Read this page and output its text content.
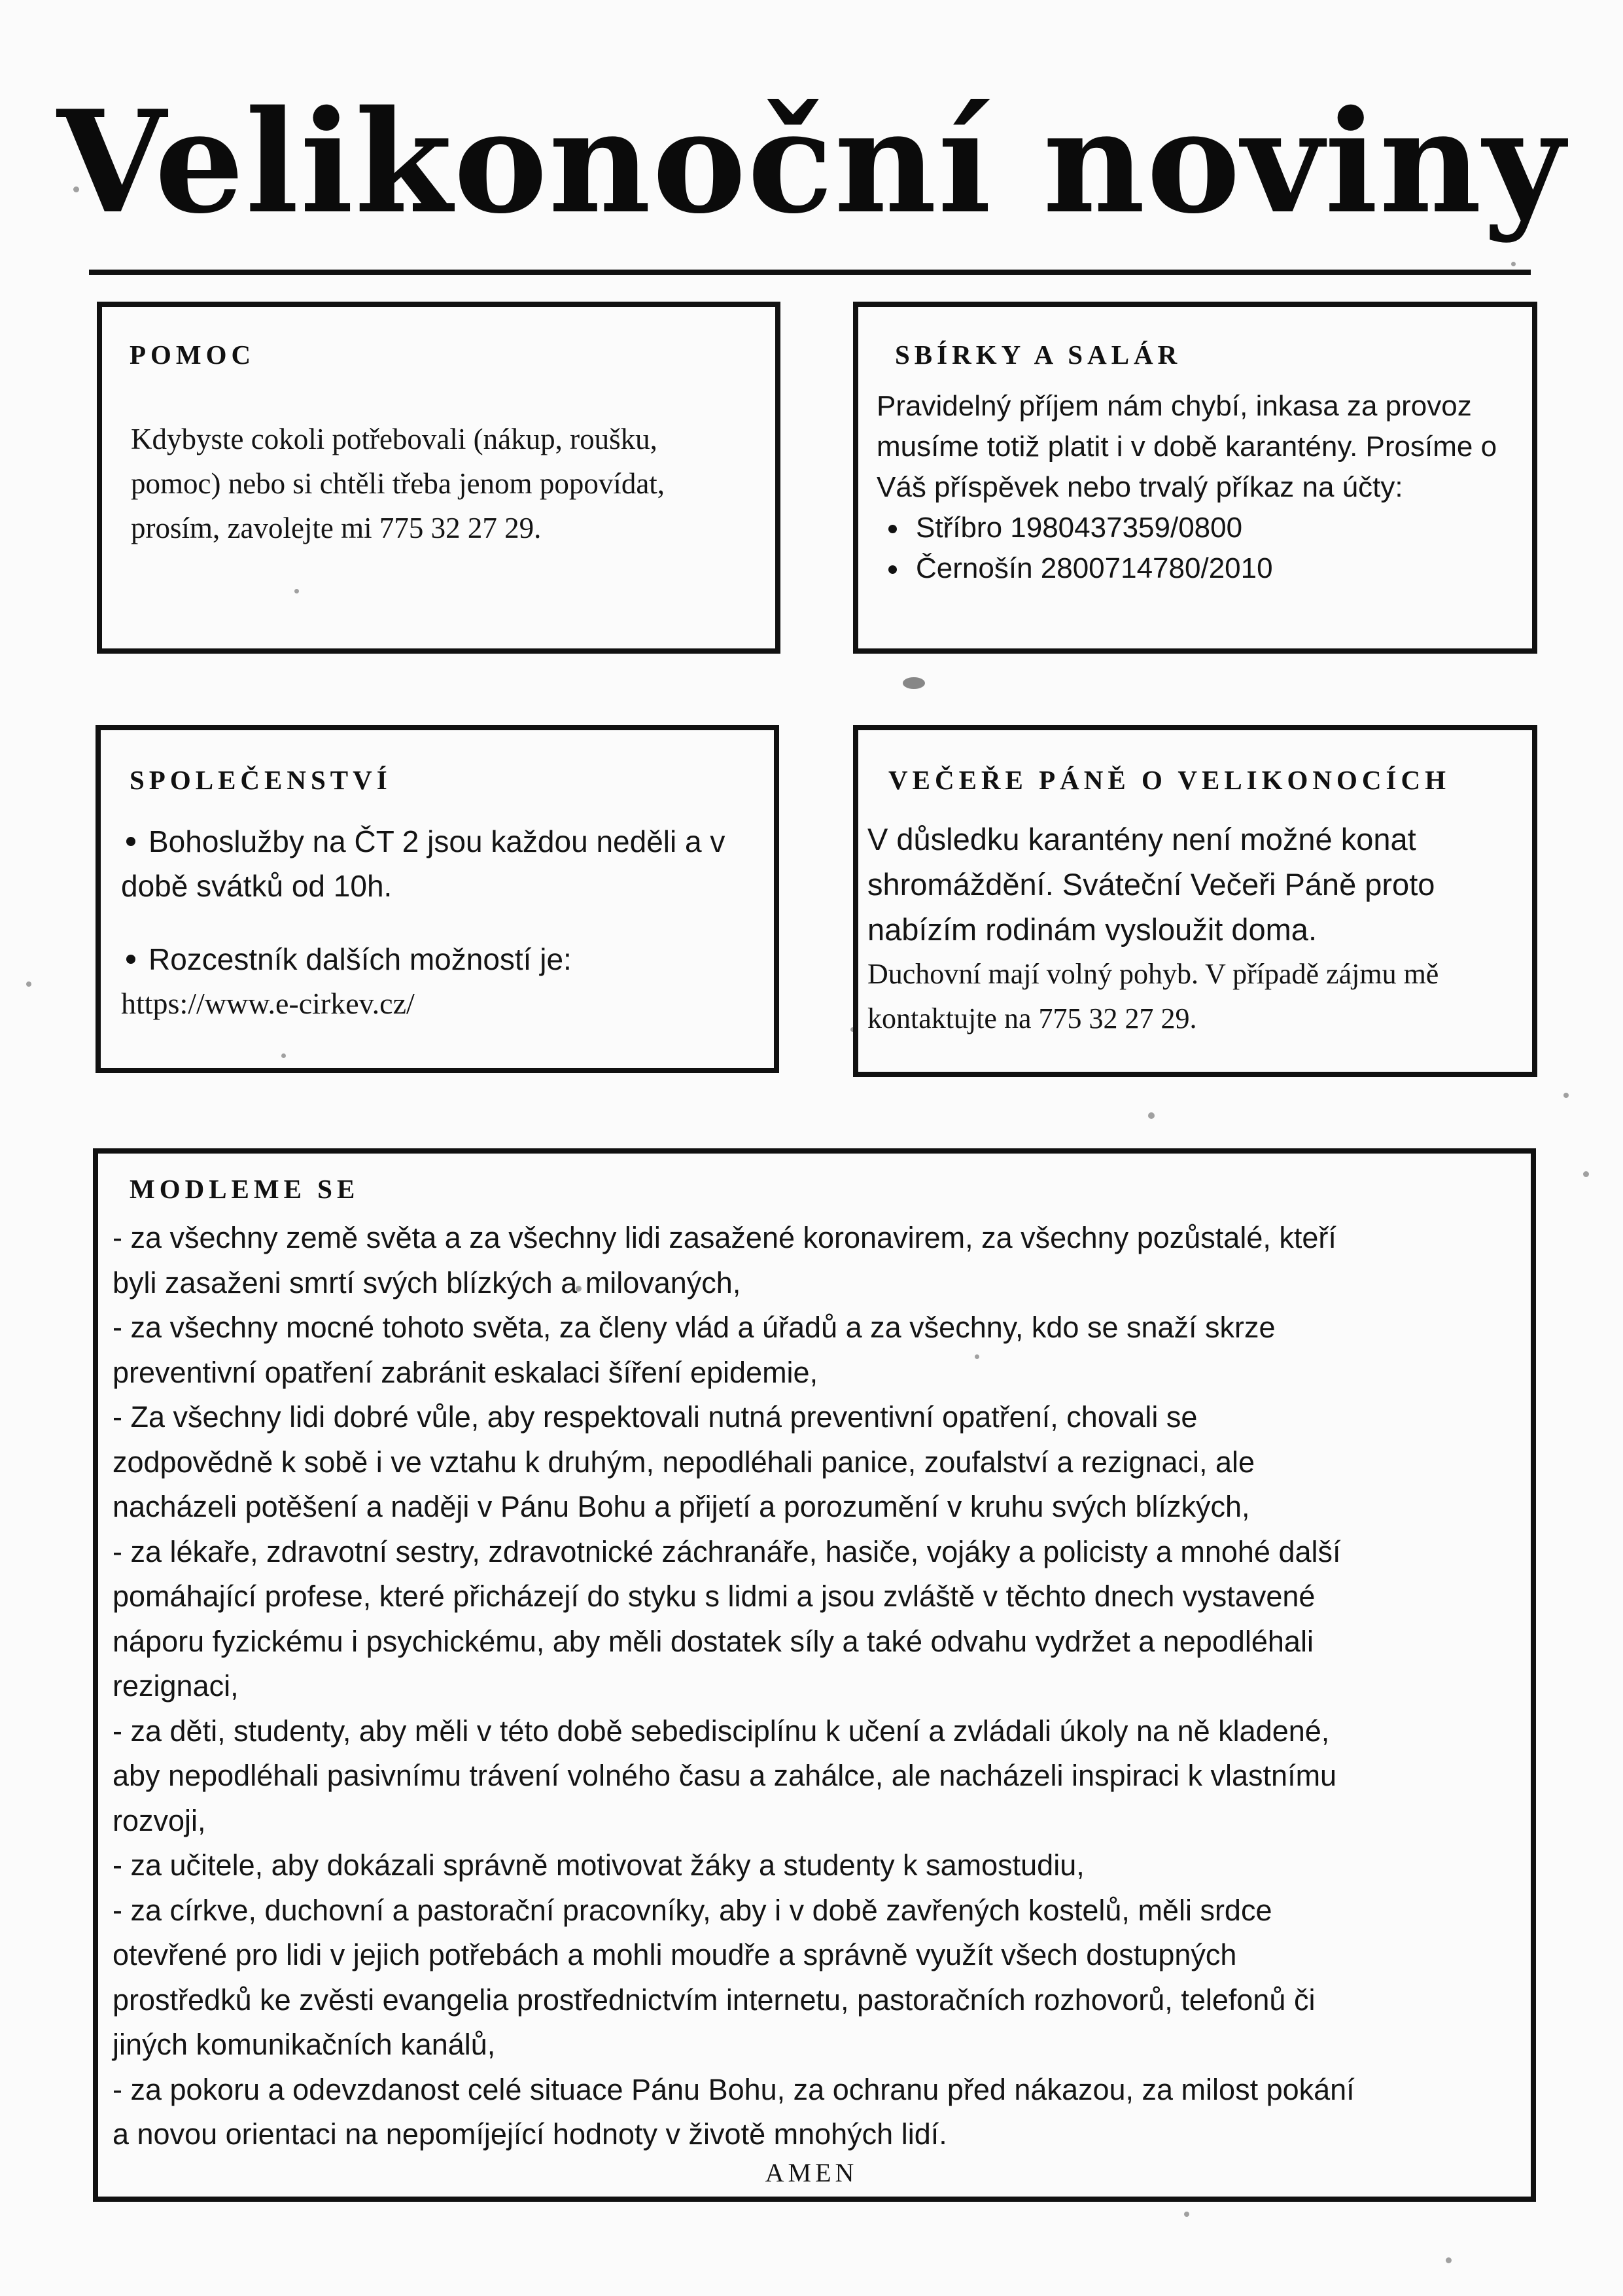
Velikonoční noviny
POMOC
Kdybyste cokoli potřebovali (nákup, roušku, pomoc) nebo si chtěli třeba jenom popovídat, prosím, zavolejte mi 775 32 27 29.
SBÍRKY A SALÁR
Pravidelný příjem nám chybí, inkasa za provoz musíme totiž platit i v době karantény. Prosíme o Váš příspěvek nebo trvalý příkaz na účty:
Stříbro 1980437359/0800
Černošín 2800714780/2010
SPOLEČENSTVÍ
Bohoslužby na ČT 2 jsou každou neděli a v době svátků od 10h.
Rozcestník dalších možností je:
https://www.e-cirkev.cz/
VEČEŘE PÁNĚ O VELIKONOCÍCH
V důsledku karantény není možné konat shromáždění. Sváteční Večeři Páně proto nabízím rodinám vysloužit doma.
Duchovní mají volný pohyb. V případě zájmu mě kontaktujte na 775 32 27 29.
MODLEME SE
- za všechny země světa a za všechny lidi zasažené koronavirem, za všechny pozůstalé, kteří
byli zasaženi smrtí svých blízkých a milovaných,
- za všechny mocné tohoto světa, za členy vlád a úřadů a za všechny, kdo se snaží skrze
preventivní opatření zabránit eskalaci šíření epidemie,
- Za všechny lidi dobré vůle, aby respektovali nutná preventivní opatření, chovali se
zodpovědně k sobě i ve vztahu k druhým, nepodléhali panice, zoufalství a rezignaci, ale
nacházeli potěšení a naději v Pánu Bohu a přijetí a porozumění v kruhu svých blízkých,
- za lékaře, zdravotní sestry, zdravotnické záchranáře, hasiče, vojáky a policisty a mnohé další
pomáhající profese, které přicházejí do styku s lidmi a jsou zvláště v těchto dnech vystavené
náporu fyzickému i psychickému, aby měli dostatek síly a také odvahu vydržet a nepodléhali
rezignaci,
- za děti, studenty, aby měli v této době sebedisciplínu k učení a zvládali úkoly na ně kladené,
aby nepodléhali pasivnímu trávení volného času a zahálce, ale nacházeli inspiraci k vlastnímu
rozvoji,
- za učitele, aby dokázali správně motivovat žáky a studenty k samostudiu,
- za církve, duchovní a pastorační pracovníky, aby i v době zavřených kostelů, měli srdce
otevřené pro lidi v jejich potřebách a mohli moudře a správně využít všech dostupných
prostředků ke zvěsti evangelia prostřednictvím internetu, pastoračních rozhovorů, telefonů či
jiných komunikačních kanálů,
- za pokoru a odevzdanost celé situace Pánu Bohu, za ochranu před nákazou, za milost pokání
a novou orientaci na nepomíjející hodnoty v životě mnohých lidí.
AMEN
